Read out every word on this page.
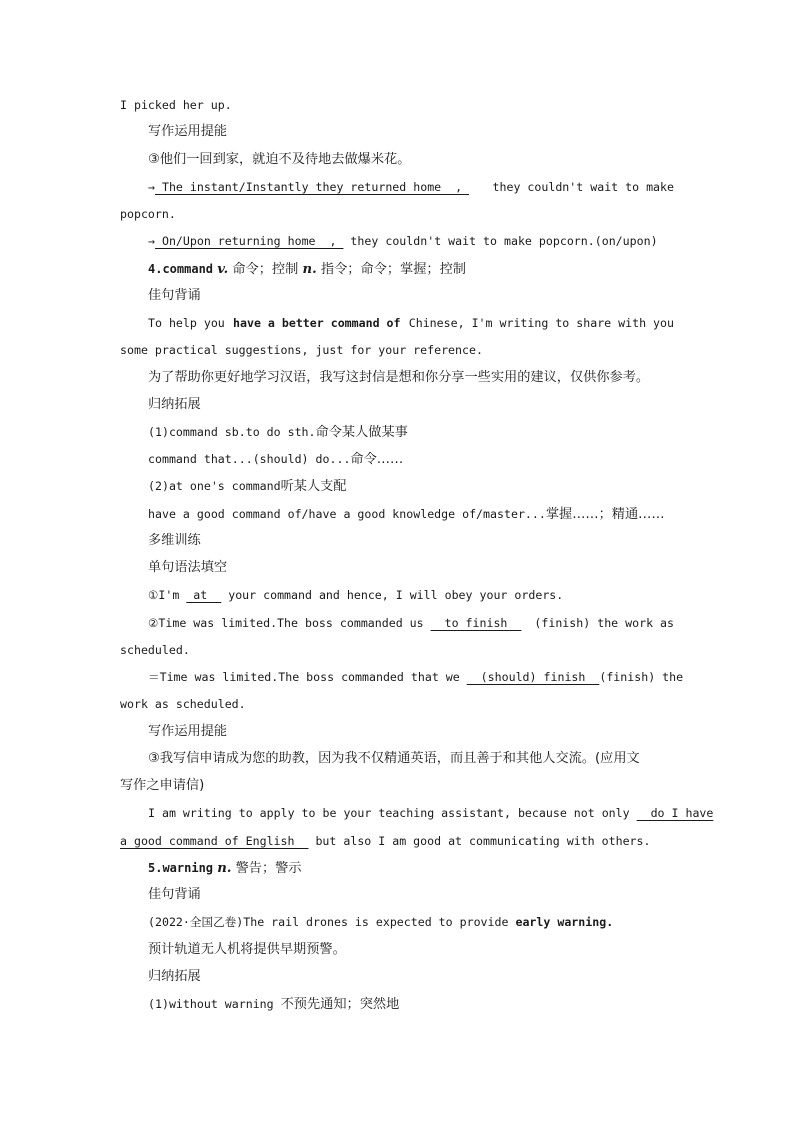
I picked her up.
写作运用提能
③他们一回到家，就迫不及待地去做爆米花。
→ The instant/Instantly they returned home  , they couldn't wait to make
popcorn.
→ On/Upon returning home  ,  they couldn't wait to make popcorn.(on/upon)
4.command v. 命令；控制 n. 指令；命令；掌握；控制
佳句背诵
To help you have a better command of Chinese, I'm writing to share with you
some practical suggestions, just for your reference.
为了帮助你更好地学习汉语，我写这封信是想和你分享一些实用的建议，仅供你参考。
归纳拓展
(1)command sb.to do sth.命令某人做某事
command that...(should) do...命令……
(2)at one's command听某人支配
have a good command of/have a good knowledge of/master...掌握……；精通……
多维训练
单句语法填空
①I'm  at   your command and hence, I will obey your orders.
②Time was limited.The boss commanded us   to finish (finish) the work as
scheduled.
＝Time was limited.The boss commanded that we   (should) finish (finish) the
work as scheduled.
写作运用提能
③我写信申请成为您的助教，因为我不仅精通英语，而且善于和其他人交流。(应用文
写作之申请信)
I am writing to apply to be your teaching assistant, because not only do I have
a good command of English   but also I am good at communicating with others.
5.warning n. 警告；警示
佳句背诵
(2022·全国乙卷)The rail drones is expected to provide early warning.
预计轨道无人机将提供早期预警。
归纳拓展
(1)without warning 不预先通知；突然地
